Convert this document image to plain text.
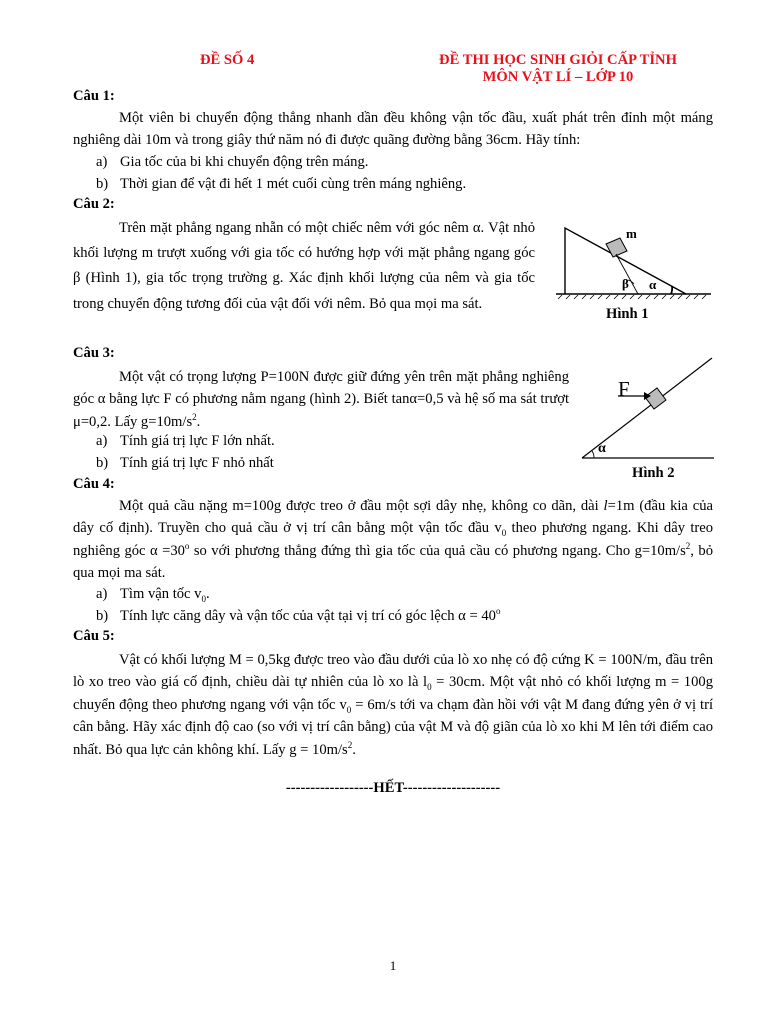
ĐỀ SỐ 4	ĐỀ THI HỌC SINH GIỎI CẤP TỈNH
MÔN VẬT LÍ – LỚP 10
Câu 1:

Một viên bi chuyển động thẳng nhanh dần đều không vận tốc đầu, xuất phát trên đỉnh một máng nghiêng dài 10m và trong giây thứ năm nó đi được quãng đường bằng 36cm. Hãy tính:

a) Gia tốc của bi khi chuyển động trên máng.
b) Thời gian để vật đi hết 1 mét cuối cùng trên máng nghiêng.
Câu 2:

Trên mặt phẳng ngang nhẵn có một chiếc nêm với góc nêm α. Vật nhỏ khối lượng m trượt xuống với gia tốc có hướng hợp với mặt phẳng ngang góc β (Hình 1), gia tốc trọng trường g. Xác định khối lượng của nêm và gia tốc trong chuyển động tương đối của vật đối với nêm. Bỏ qua mọi ma sát.

m
β α
Hình 1
Câu 3:

Một vật có trọng lượng P=100N được giữ đứng yên trên mặt phẳng nghiêng góc α bằng lực F có phương nằm ngang (hình 2). Biết tanα=0,5 và hệ số ma sát trượt μ=0,2. Lấy $g=10m/s^2$.

a) Tính giá trị lực F lớn nhất.
b) Tính giá trị lực F nhỏ nhất
F
α
Hình 2
Câu 4:

Một quả cầu nặng m=100g được treo ở đầu một sợi dây nhẹ, không co dãn, dài l=1m (đầu kia của dây cố định). Truyền cho quả cầu ở vị trí cân bằng một vận tốc đầu $v_0$ theo phương ngang. Khi dây treo nghiêng góc $\alpha =30^o$ so với phương thẳng đứng thì gia tốc của quả cầu có phương ngang. Cho $g=10m/s^2$, bỏ qua mọi ma sát.

a) Tìm vận tốc $v_0$.
b) Tính lực căng dây và vận tốc của vật tại vị trí có góc lệch $\alpha = 40^o$
Câu 5:

Vật có khối lượng M = 0,5kg được treo vào đầu dưới của lò xo nhẹ có độ cứng K = 100N/m, đầu trên lò xo treo vào giá cố định, chiều dài tự nhiên của lò xo là $l_0 = 30cm$. Một vật nhỏ có khối lượng m = 100g chuyển động theo phương ngang với vận tốc $v_0 = 6m/s$ tới va chạm đàn hồi với vật M đang đứng yên ở vị trí cân bằng. Hãy xác định độ cao (so với vị trí cân bằng) của vật M và độ giãn của lò xo khi M lên tới điểm cao nhất. Bỏ qua lực cản không khí. Lấy $g = 10m/s^2$.

------------------HẾT--------------------
1
